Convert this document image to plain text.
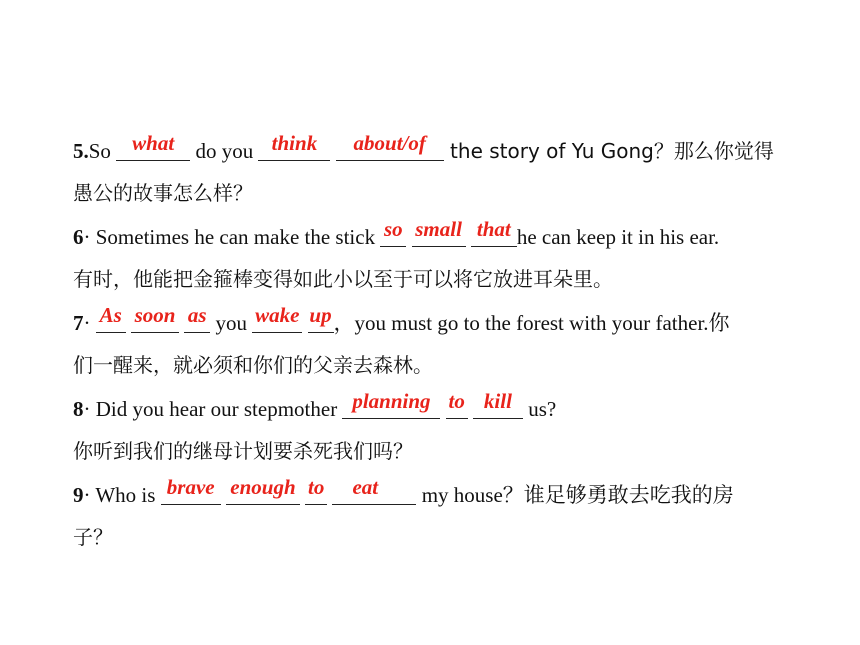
5.So what do you think
about/of the story of Yu Gong？那么你觉得
愚公的故事怎么样？
6· Sometimes he can make the stick so
small
that he can keep it in his ear.
有时，他能把金箍棒变得如此小以至于可以将它放进耳朵里。
7· As
soon
as you wake
up ，you must go to the forest with your father.你
们一醒来，就必须和你们的父亲去森林。
8· Did you hear our stepmother planning
to
kill us?
你听到我们的继母计划要杀死我们吗？
9· Who is brave
enough
to
eat my house？谁足够勇敢去吃我的房
子？
